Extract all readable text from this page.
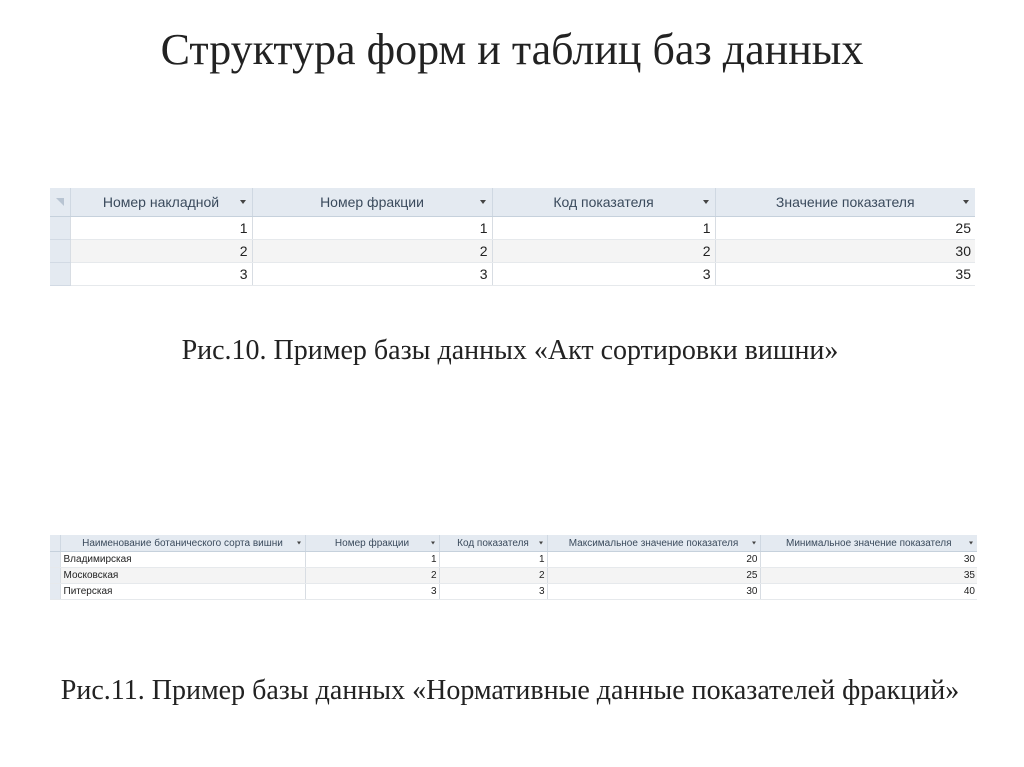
Структура форм и таблиц баз данных
	Номер накладной	Номер фракции	Код показателя	Значение показателя

	1	1	1	25
	2	2	2	30
	3	3	3	35
Рис.10. Пример базы данных «Акт сортировки вишни»
	Наименование ботанического сорта вишни	Номер фракции	Код показателя	Максимальное значение показателя	Минимальное значение показателя

	Владимирская	1	1	20	30
	Московская	2	2	25	35
	Питерская	3	3	30	40
Рис.11. Пример базы данных «Нормативные данные показателей фракций»
